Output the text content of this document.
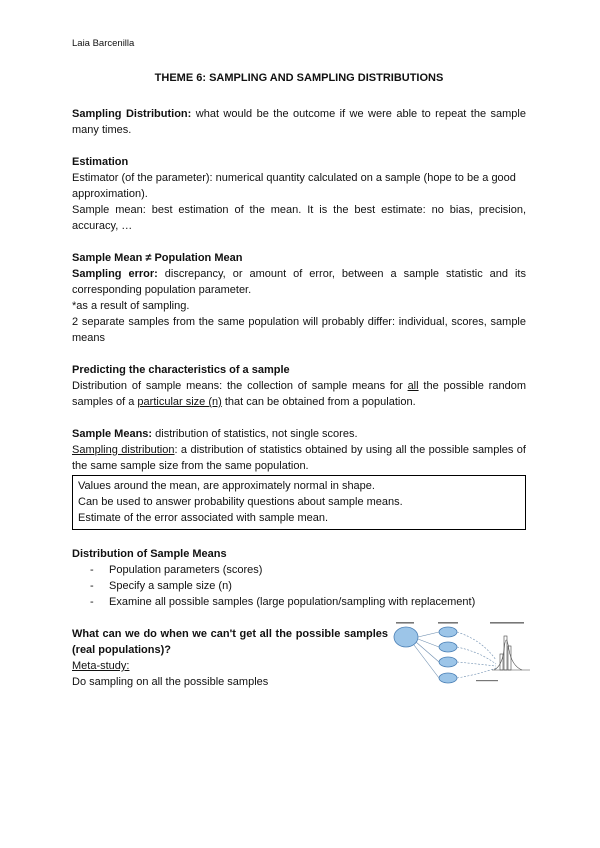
Laia Barcenilla
THEME 6: SAMPLING AND SAMPLING DISTRIBUTIONS

Sampling Distribution: what would be the outcome if we were able to repeat the sample many times.

Estimation

Estimator (of the parameter): numerical quantity calculated on a sample (hope to be a good approximation).

Sample mean: best estimation of the mean. It is the best estimate: no bias, precision, accuracy, …

Sample Mean ≠ Population Mean

Sampling error: discrepancy, or amount of error, between a sample statistic and its corresponding population parameter.

*as a result of sampling.

2 separate samples from the same population will probably differ: individual, scores, sample means

Predicting the characteristics of a sample

Distribution of sample means: the collection of sample means for all the possible random samples of a particular size (n) that can be obtained from a population.

Sample Means: distribution of statistics, not single scores.

Sampling distribution: a distribution of statistics obtained by using all the possible samples of the same sample size from the same population.

Values around the mean, are approximately normal in shape.

Can be used to answer probability questions about sample means.

Estimate of the error associated with sample mean.

Distribution of Sample Means

- Population parameters (scores)
- Specify a sample size (n)
- Examine all possible samples (large population/sampling with replacement)

What can we do when we can't get all the possible samples (real populations)?

Meta-study:

Do sampling on all the possible samples
